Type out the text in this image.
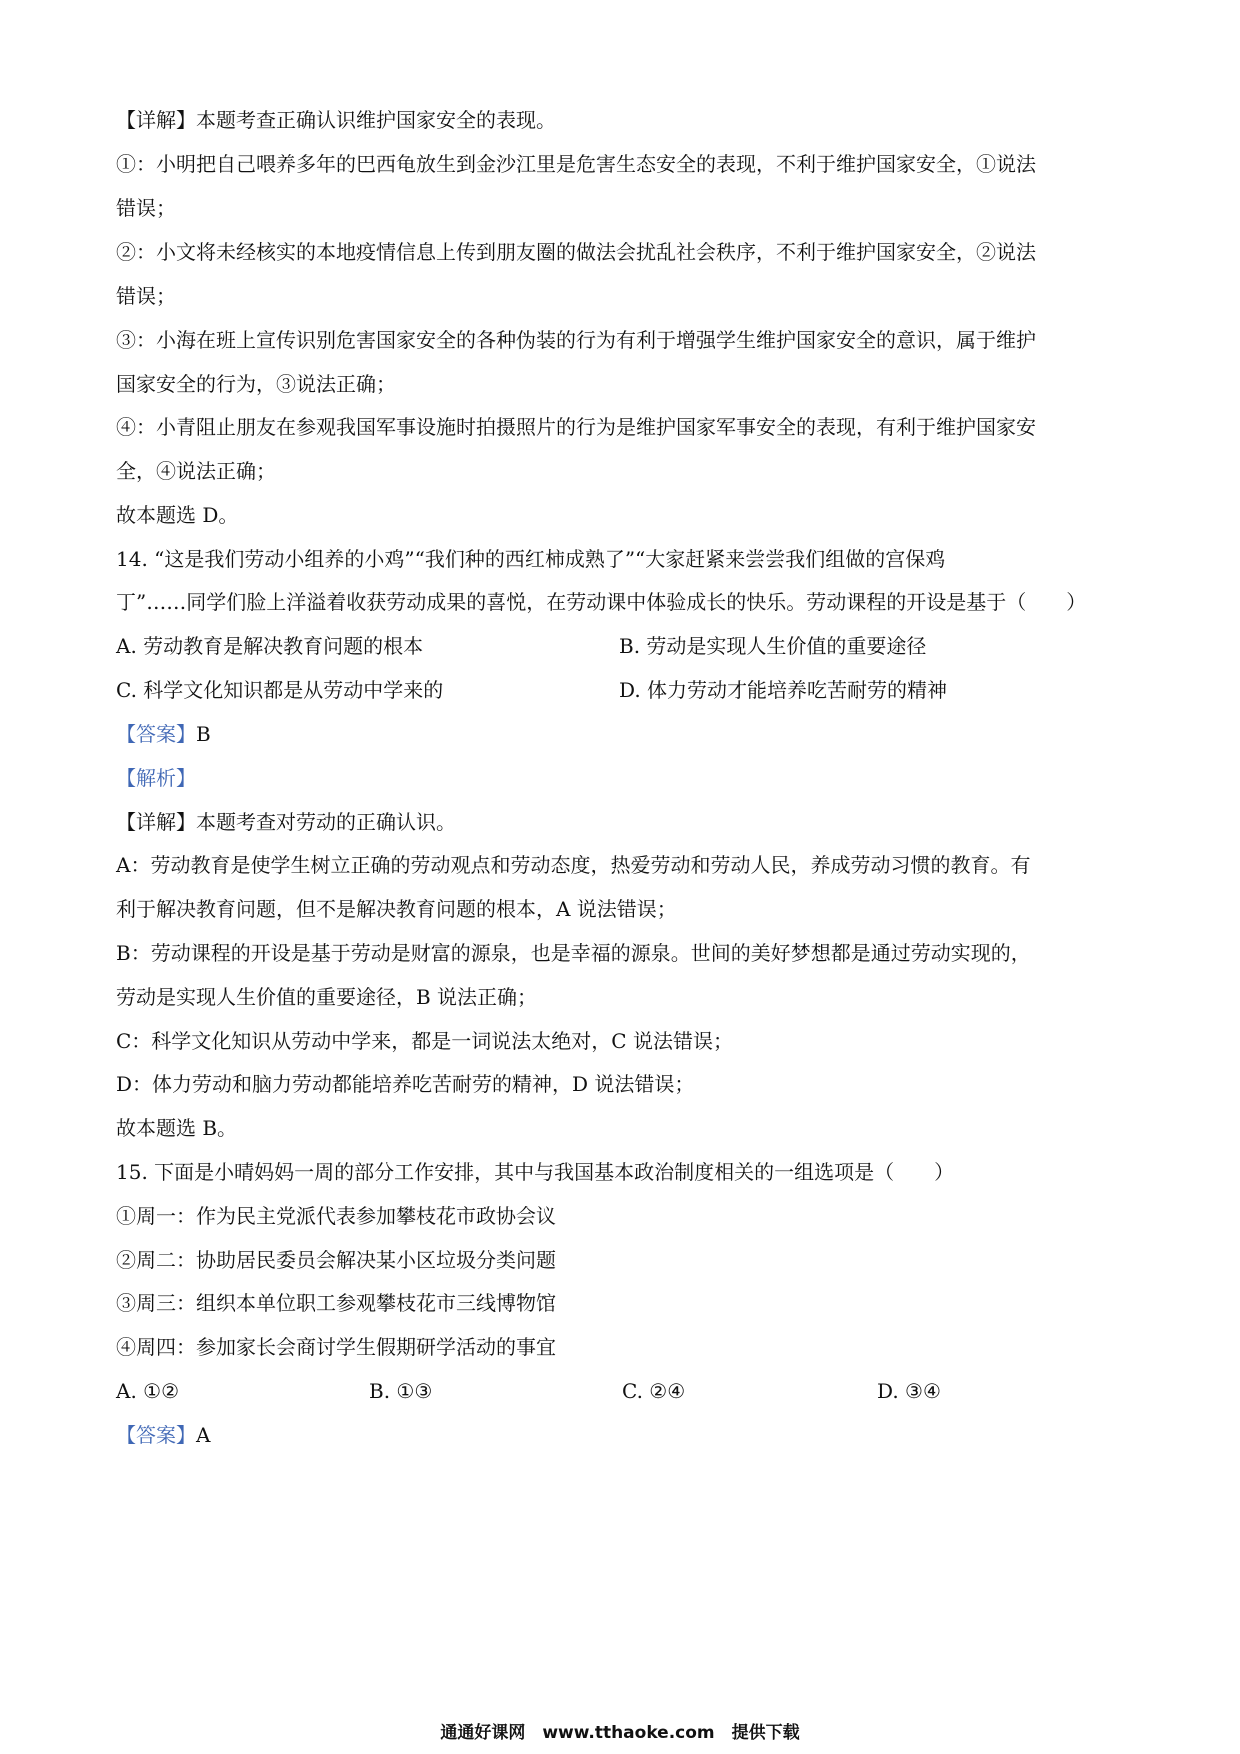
【详解】本题考查正确认识维护国家安全的表现。
①：小明把自己喂养多年的巴西龟放生到金沙江里是危害生态安全的表现，不利于维护国家安全，①说法
错误；
②：小文将未经核实的本地疫情信息上传到朋友圈的做法会扰乱社会秩序，不利于维护国家安全，②说法
错误；
③：小海在班上宣传识别危害国家安全的各种伪装的行为有利于增强学生维护国家安全的意识，属于维护
国家安全的行为，③说法正确；
④：小青阻止朋友在参观我国军事设施时拍摄照片的行为是维护国家军事安全的表现，有利于维护国家安
全，④说法正确；
故本题选 D。
14. “这是我们劳动小组养的小鸡”“我们种的西红柿成熟了”“大家赶紧来尝尝我们组做的宫保鸡
丁”……同学们脸上洋溢着收获劳动成果的喜悦，在劳动课中体验成长的快乐。劳动课程的开设是基于（　　）
A. 劳动教育是解决教育问题的根本	B. 劳动是实现人生价值的重要途径
C. 科学文化知识都是从劳动中学来的	D. 体力劳动才能培养吃苦耐劳的精神
【答案】B
【解析】
【详解】本题考查对劳动的正确认识。
A：劳动教育是使学生树立正确的劳动观点和劳动态度，热爱劳动和劳动人民，养成劳动习惯的教育。有
利于解决教育问题，但不是解决教育问题的根本，A 说法错误；
B：劳动课程的开设是基于劳动是财富的源泉，也是幸福的源泉。世间的美好梦想都是通过劳动实现的，
劳动是实现人生价值的重要途径，B 说法正确；
C：科学文化知识从劳动中学来，都是一词说法太绝对，C 说法错误；
D：体力劳动和脑力劳动都能培养吃苦耐劳的精神，D 说法错误；
故本题选 B。
15. 下面是小晴妈妈一周的部分工作安排，其中与我国基本政治制度相关的一组选项是（　　）
①周一：作为民主党派代表参加攀枝花市政协会议
②周二：协助居民委员会解决某小区垃圾分类问题
③周三：组织本单位职工参观攀枝花市三线博物馆
④周四：参加家长会商讨学生假期研学活动的事宜
A. ①②	B. ①③	C. ②④	D. ③④
【答案】A
通通好课网　www.tthaoke.com　提供下载
